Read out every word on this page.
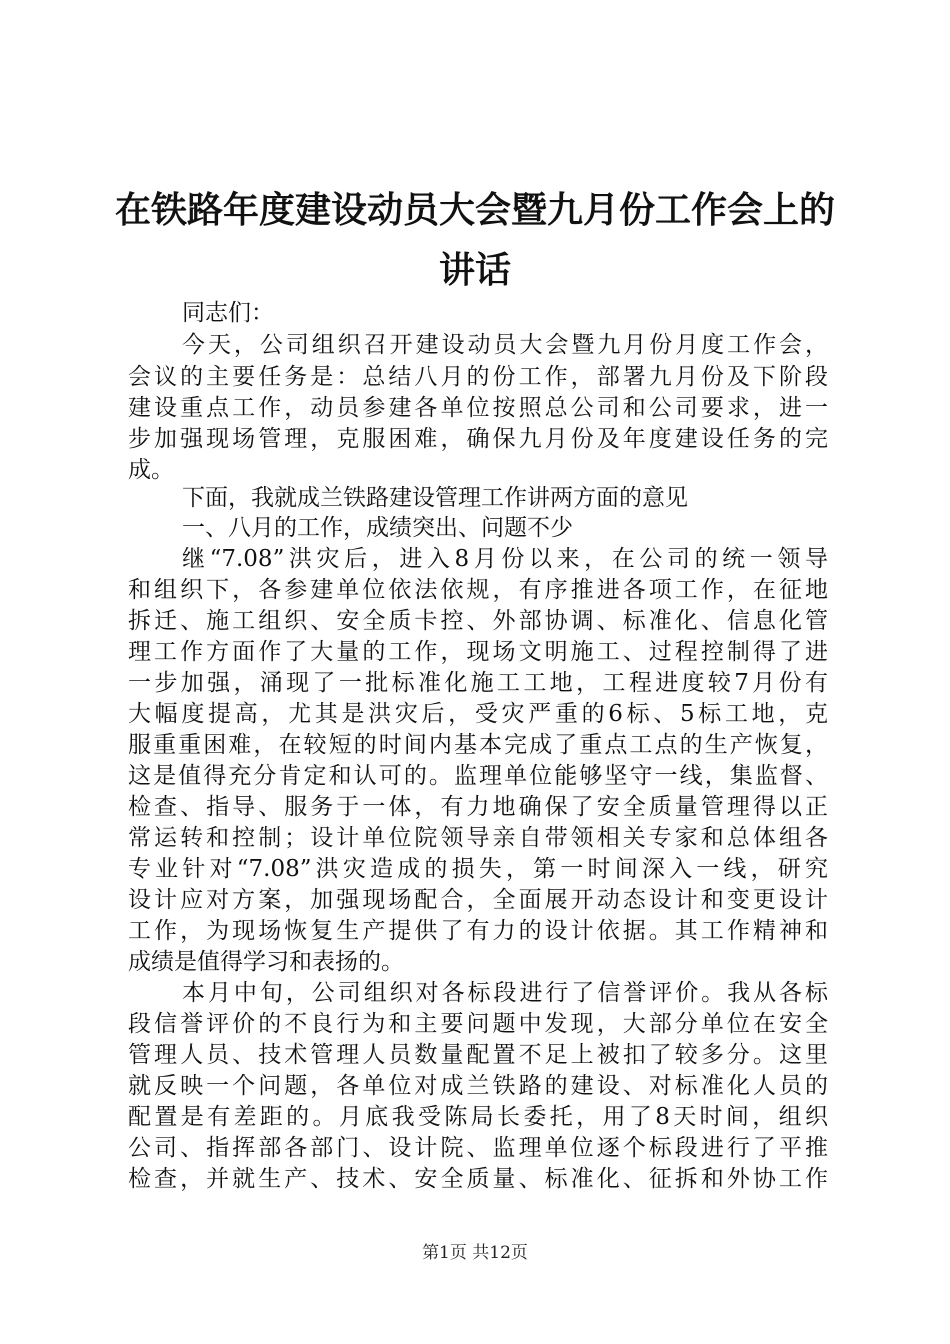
在铁路年度建设动员大会暨九月份工作会上的
讲话
同志们：
今天，公司组织召开建设动员大会暨九月份月度工作会，
会议的主要任务是：总结八月的份工作，部署九月份及下阶段
建设重点工作，动员参建各单位按照总公司和公司要求，进一
步加强现场管理，克服困难，确保九月份及年度建设任务的完
成。
下面，我就成兰铁路建设管理工作讲两方面的意见
一、八月的工作，成绩突出、问题不少
继“7.08”洪灾后，进入8月份以来，在公司的统一领导
和组织下，各参建单位依法依规，有序推进各项工作，在征地
拆迁、施工组织、安全质卡控、外部协调、标准化、信息化管
理工作方面作了大量的工作，现场文明施工、过程控制得了进
一步加强，涌现了一批标准化施工工地，工程进度较7月份有
大幅度提高，尤其是洪灾后，受灾严重的6标、5标工地，克
服重重困难，在较短的时间内基本完成了重点工点的生产恢复，
这是值得充分肯定和认可的。监理单位能够坚守一线，集监督、
检查、指导、服务于一体，有力地确保了安全质量管理得以正
常运转和控制；设计单位院领导亲自带领相关专家和总体组各
专业针对“7.08”洪灾造成的损失，第一时间深入一线，研究
设计应对方案，加强现场配合，全面展开动态设计和变更设计
工作，为现场恢复生产提供了有力的设计依据。其工作精神和
成绩是值得学习和表扬的。
本月中旬，公司组织对各标段进行了信誉评价。我从各标
段信誉评价的不良行为和主要问题中发现，大部分单位在安全
管理人员、技术管理人员数量配置不足上被扣了较多分。这里
就反映一个问题，各单位对成兰铁路的建设、对标准化人员的
配置是有差距的。月底我受陈局长委托，用了8天时间，组织
公司、指挥部各部门、设计院、监理单位逐个标段进行了平推
检查，并就生产、技术、安全质量、标准化、征拆和外协工作
第1页 共12页
